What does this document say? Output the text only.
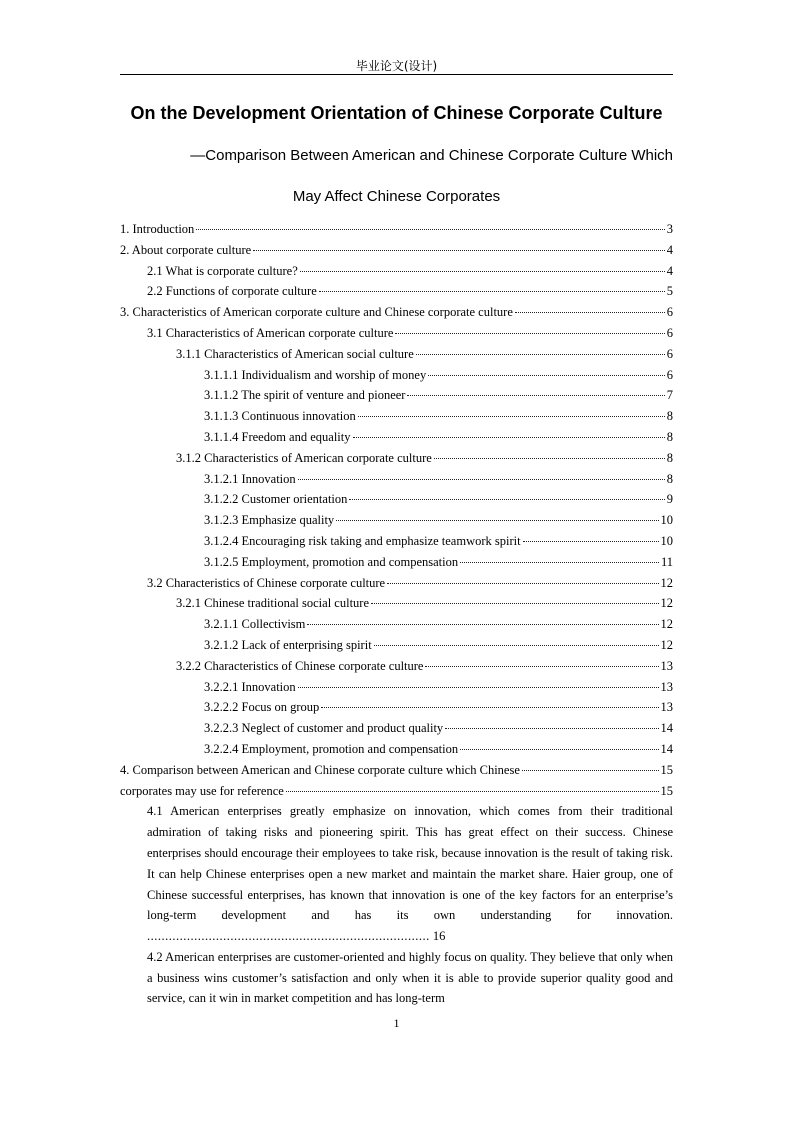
毕业论文(设计)
On the Development Orientation of Chinese Corporate Culture
—Comparison Between American and Chinese Corporate Culture Which
May Affect Chinese Corporates
1. Introduction	3
2. About corporate culture	4
2.1 What is corporate culture?	4
2.2 Functions of corporate culture	5
3. Characteristics of American corporate culture and Chinese corporate culture	6
3.1 Characteristics of American corporate culture	6
3.1.1 Characteristics of American social culture	6
3.1.1.1 Individualism and worship of money	6
3.1.1.2 The spirit of venture and pioneer	7
3.1.1.3 Continuous innovation	8
3.1.1.4 Freedom and equality	8
3.1.2 Characteristics of American corporate culture	8
3.1.2.1 Innovation	8
3.1.2.2 Customer orientation	9
3.1.2.3 Emphasize quality	10
3.1.2.4 Encouraging risk taking and emphasize teamwork spirit	10
3.1.2.5 Employment, promotion and compensation	11
3.2 Characteristics of Chinese corporate culture	12
3.2.1 Chinese traditional social culture	12
3.2.1.1 Collectivism	12
3.2.1.2 Lack of enterprising spirit	12
3.2.2 Characteristics of Chinese corporate culture	13
3.2.2.1 Innovation	13
3.2.2.2 Focus on group	13
3.2.2.3 Neglect of customer and product quality	14
3.2.2.4 Employment, promotion and compensation	14
4. Comparison between American and Chinese corporate culture which Chinese	15
corporates may use for reference	15
4.1 American enterprises greatly emphasize on innovation, which comes from their traditional admiration of taking risks and pioneering spirit. This has great effect on their success. Chinese enterprises should encourage their employees to take risk, because innovation is the result of taking risk. It can help Chinese enterprises open a new market and maintain the market share. Haier group, one of Chinese successful enterprises, has known that innovation is one of the key factors for an enterprise’s long-term development and has its own understanding for innovation. .............................................................................. 16
4.2 American enterprises are customer-oriented and highly focus on quality. They believe that only when a business wins customer’s satisfaction and only when it is able to provide superior quality good and service, can it win in market competition and has long-term
1
